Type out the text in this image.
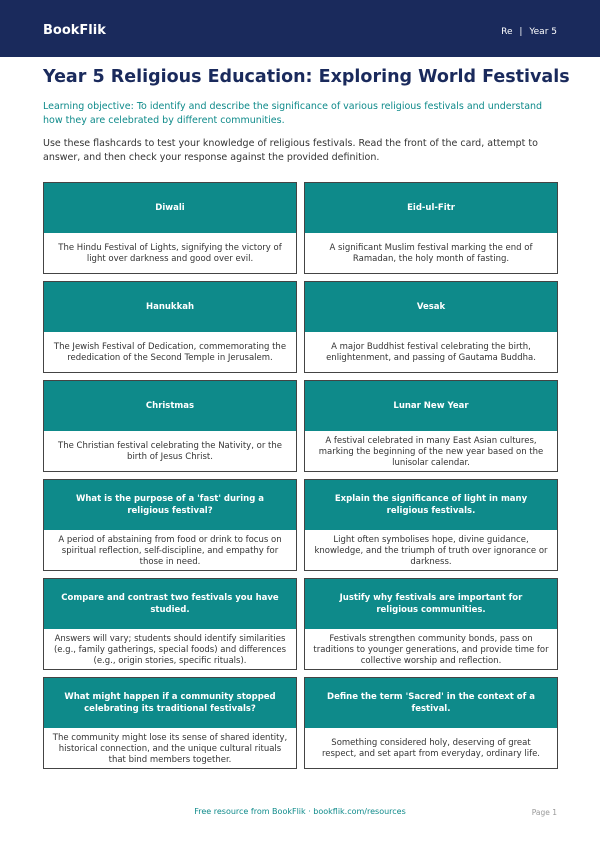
BookFlik	Re | Year 5
Year 5 Religious Education: Exploring World Festivals
Learning objective: To identify and describe the significance of various religious festivals and understand how they are celebrated by different communities.
Use these flashcards to test your knowledge of religious festivals. Read the front of the card, attempt to answer, and then check your response against the provided definition.
Diwali
The Hindu Festival of Lights, signifying the victory of light over darkness and good over evil.
Eid-ul-Fitr
A significant Muslim festival marking the end of Ramadan, the holy month of fasting.
Hanukkah
The Jewish Festival of Dedication, commemorating the rededication of the Second Temple in Jerusalem.
Vesak
A major Buddhist festival celebrating the birth, enlightenment, and passing of Gautama Buddha.
Christmas
The Christian festival celebrating the Nativity, or the birth of Jesus Christ.
Lunar New Year
A festival celebrated in many East Asian cultures, marking the beginning of the new year based on the lunisolar calendar.
What is the purpose of a 'fast' during a religious festival?
A period of abstaining from food or drink to focus on spiritual reflection, self-discipline, and empathy for those in need.
Explain the significance of light in many religious festivals.
Light often symbolises hope, divine guidance, knowledge, and the triumph of truth over ignorance or darkness.
Compare and contrast two festivals you have studied.
Answers will vary; students should identify similarities (e.g., family gatherings, special foods) and differences (e.g., origin stories, specific rituals).
Justify why festivals are important for religious communities.
Festivals strengthen community bonds, pass on traditions to younger generations, and provide time for collective worship and reflection.
What might happen if a community stopped celebrating its traditional festivals?
The community might lose its sense of shared identity, historical connection, and the unique cultural rituals that bind members together.
Define the term 'Sacred' in the context of a festival.
Something considered holy, deserving of great respect, and set apart from everyday, ordinary life.
Free resource from BookFlik · bookflik.com/resources	Page 1
